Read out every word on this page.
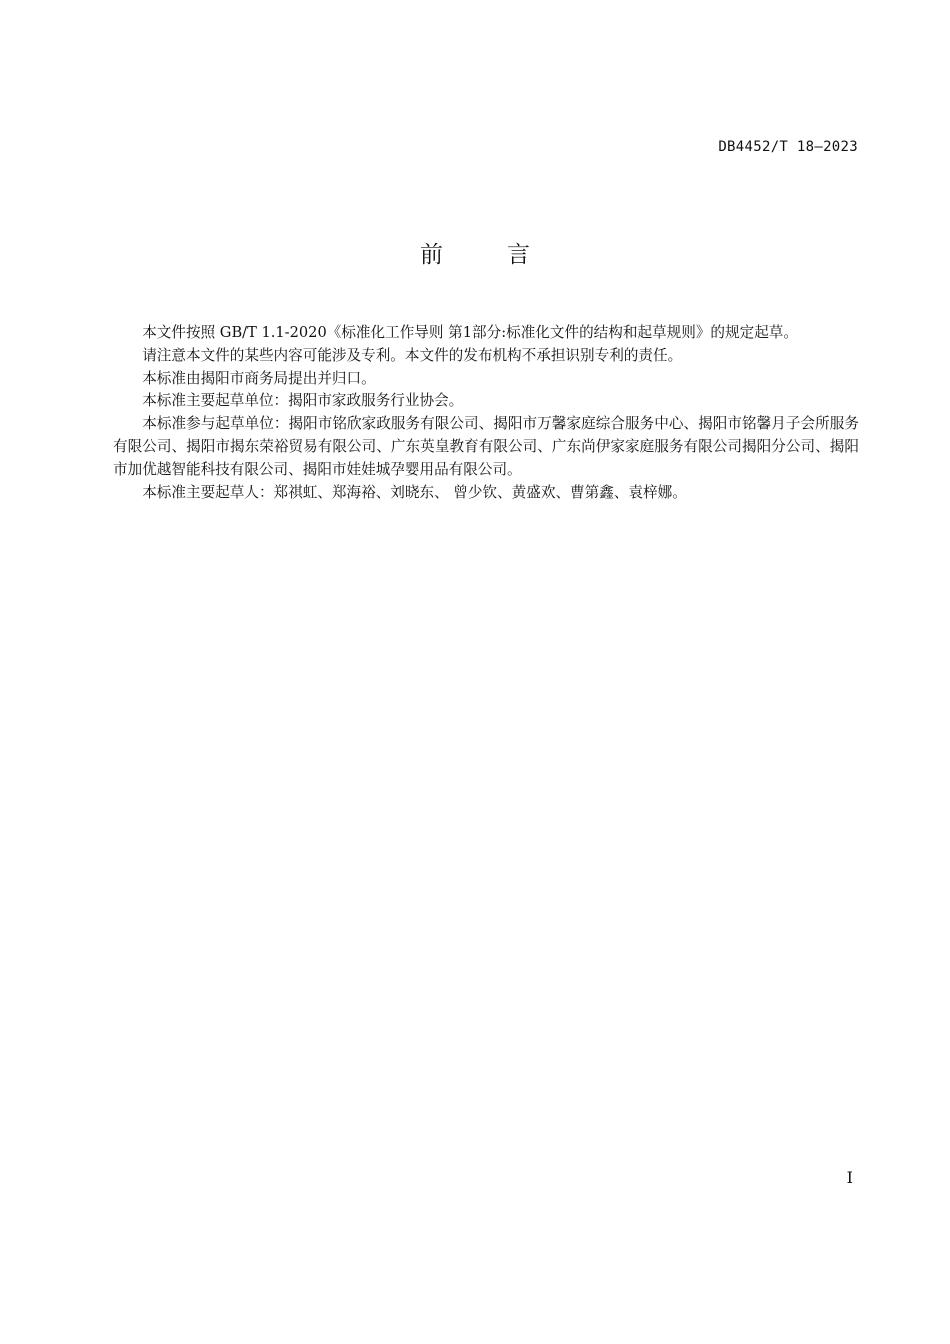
DB4452/T 18—2023
前言

本文件按照 GB/T 1.1-2020《标准化工作导则 第1部分:标准化文件的结构和起草规则》的规定起草。

请注意本文件的某些内容可能涉及专利。本文件的发布机构不承担识别专利的责任。

本标准由揭阳市商务局提出并归口。

本标准主要起草单位：揭阳市家政服务行业协会。

本标准参与起草单位：揭阳市铭欣家政服务有限公司、揭阳市万馨家庭综合服务中心、揭阳市铭馨月子会所服务有限公司、揭阳市揭东荣裕贸易有限公司、广东英皇教育有限公司、广东尚伊家家庭服务有限公司揭阳分公司、揭阳市加优越智能科技有限公司、揭阳市娃娃城孕婴用品有限公司。

本标准主要起草人：郑祺虹、郑海裕、刘晓东、 曾少钦、黄盛欢、曹第鑫、袁梓娜。

I
